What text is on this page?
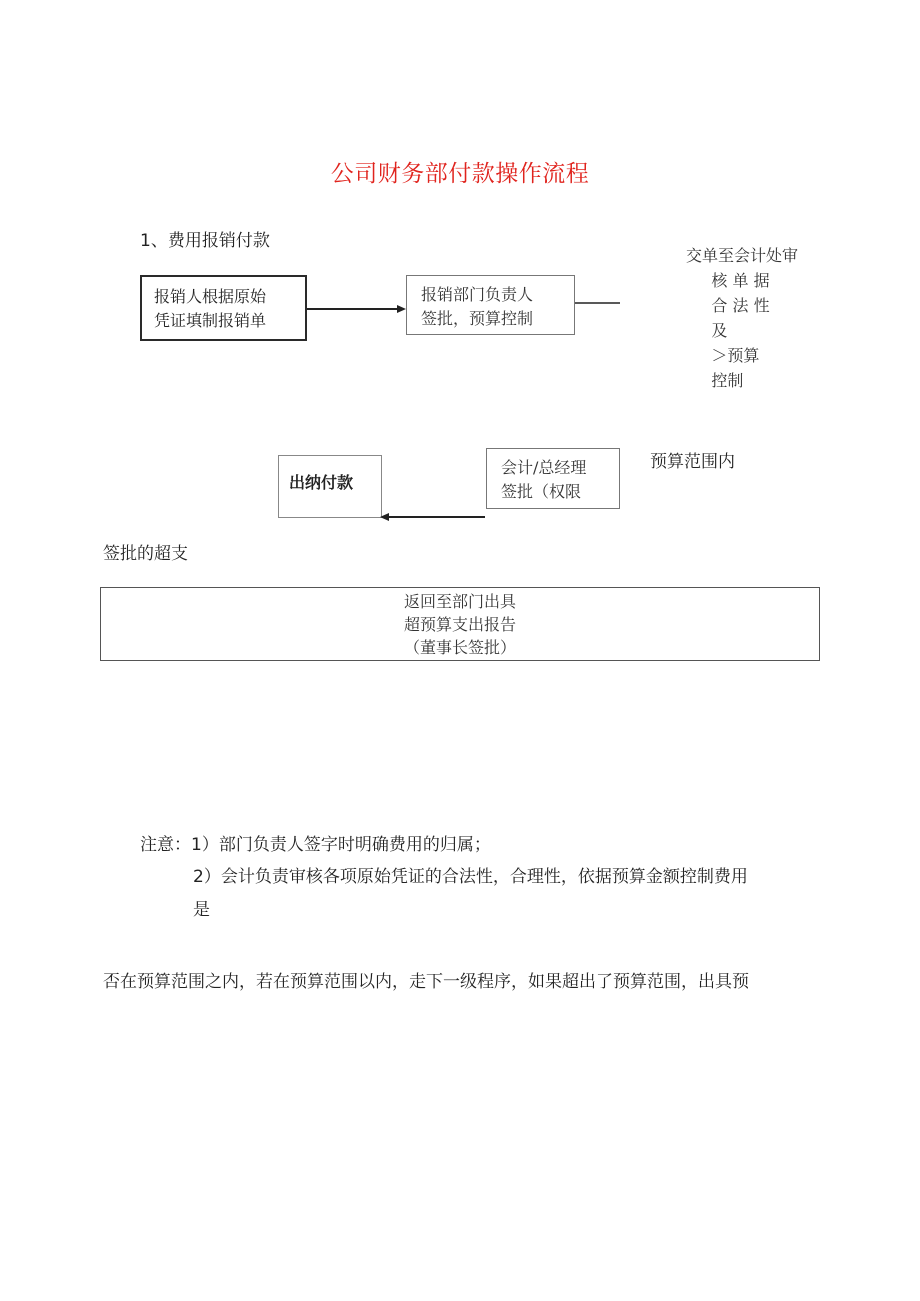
公司财务部付款操作流程
1、费用报销付款
报销人根据原始
凭证填制报销单
报销部门负责人
签批，预算控制
交单至会计处审
核 单 据
合 法 性
及
＞预算
控制
预算范围内
会计/总经理
签批（权限
出纳付款
签批的超支
返回至部门出具
超预算支出报告
（董事长签批）
注意：1）部门负责人签字时明确费用的归属；
2）会计负责审核各项原始凭证的合法性，合理性，依据预算金额控制费用
是
否在预算范围之内，若在预算范围以内，走下一级程序，如果超出了预算范围，出具预
